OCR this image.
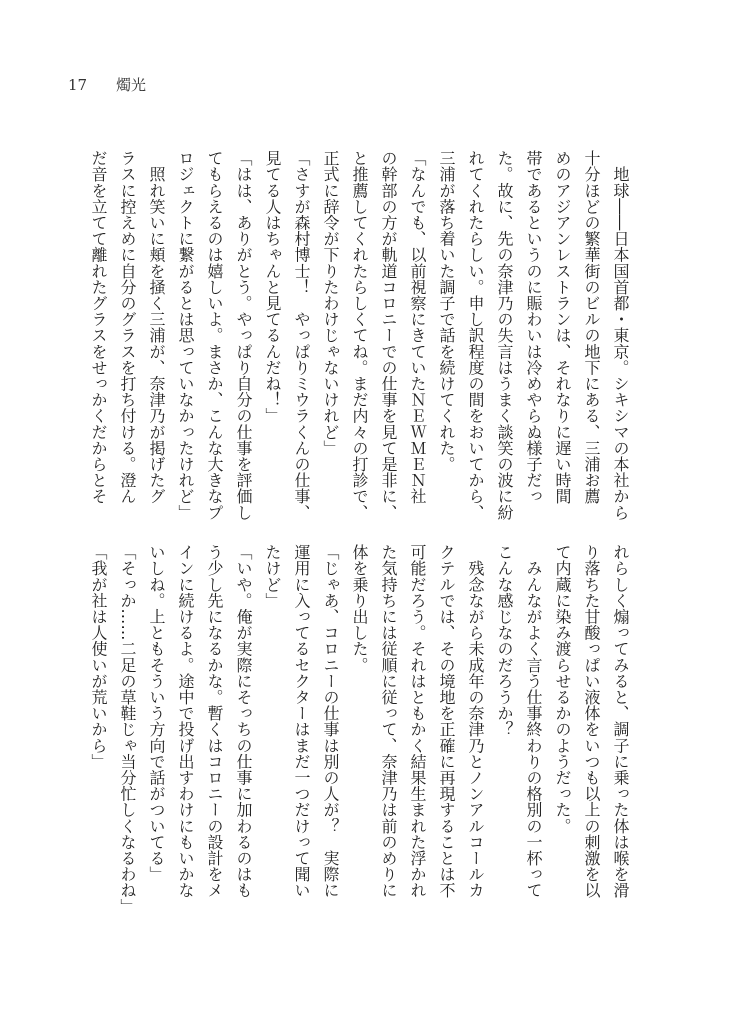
17 燭光
　地球――日本国首都・東京。シキシマの本社から
十分ほどの繁華街のビルの地下にある、三浦お薦
めのアジアンレストランは、それなりに遅い時間
帯であるというのに賑わいは冷めやらぬ様子だっ
た。故に、先の奈津乃の失言はうまく談笑の波に紛
れてくれたらしい。申し訳程度の間をおいてから、
三浦が落ち着いた調子で話を続けてくれた。
「なんでも、以前視察にきていたＮＥＷＭＥＮ社
の幹部の方が軌道コロニーでの仕事を見て是非に、
と推薦してくれたらしくてね。まだ内々の打診で、
正式に辞令が下りたわけじゃないけれど」
「さすが森村博士！　やっぱりミウラくんの仕事、
見てる人はちゃんと見てるんだね！」
「はは、ありがとう。やっぱり自分の仕事を評価し
てもらえるのは嬉しいよ。まさか、こんな大きなプ
ロジェクトに繋がるとは思っていなかったけれど」
　照れ笑いに頬を掻く三浦が、奈津乃が掲げたグ
ラスに控えめに自分のグラスを打ち付ける。澄ん
だ音を立てて離れたグラスをせっかくだからとそ
れらしく煽ってみると、調子に乗った体は喉を滑
り落ちた甘酸っぱい液体をいつも以上の刺激を以
て内蔵に染み渡らせるかのようだった。
　みんながよく言う仕事終わりの格別の一杯って
こんな感じなのだろうか？
　残念ながら未成年の奈津乃とノンアルコールカ
クテルでは、その境地を正確に再現することは不
可能だろう。それはともかく結果生まれた浮かれ
た気持ちには従順に従って、奈津乃は前のめりに
体を乗り出した。
「じゃあ、コロニーの仕事は別の人が？　実際に
運用に入ってるセクターはまだ一つだけって聞い
たけど」
「いや。俺が実際にそっちの仕事に加わるのはも
う少し先になるかな。暫くはコロニーの設計をメ
インに続けるよ。途中で投げ出すわけにもいかな
いしね。上ともそういう方向で話がついてる」
「そっか……二足の草鞋じゃ当分忙しくなるわね」
「我が社は人使いが荒いから」
